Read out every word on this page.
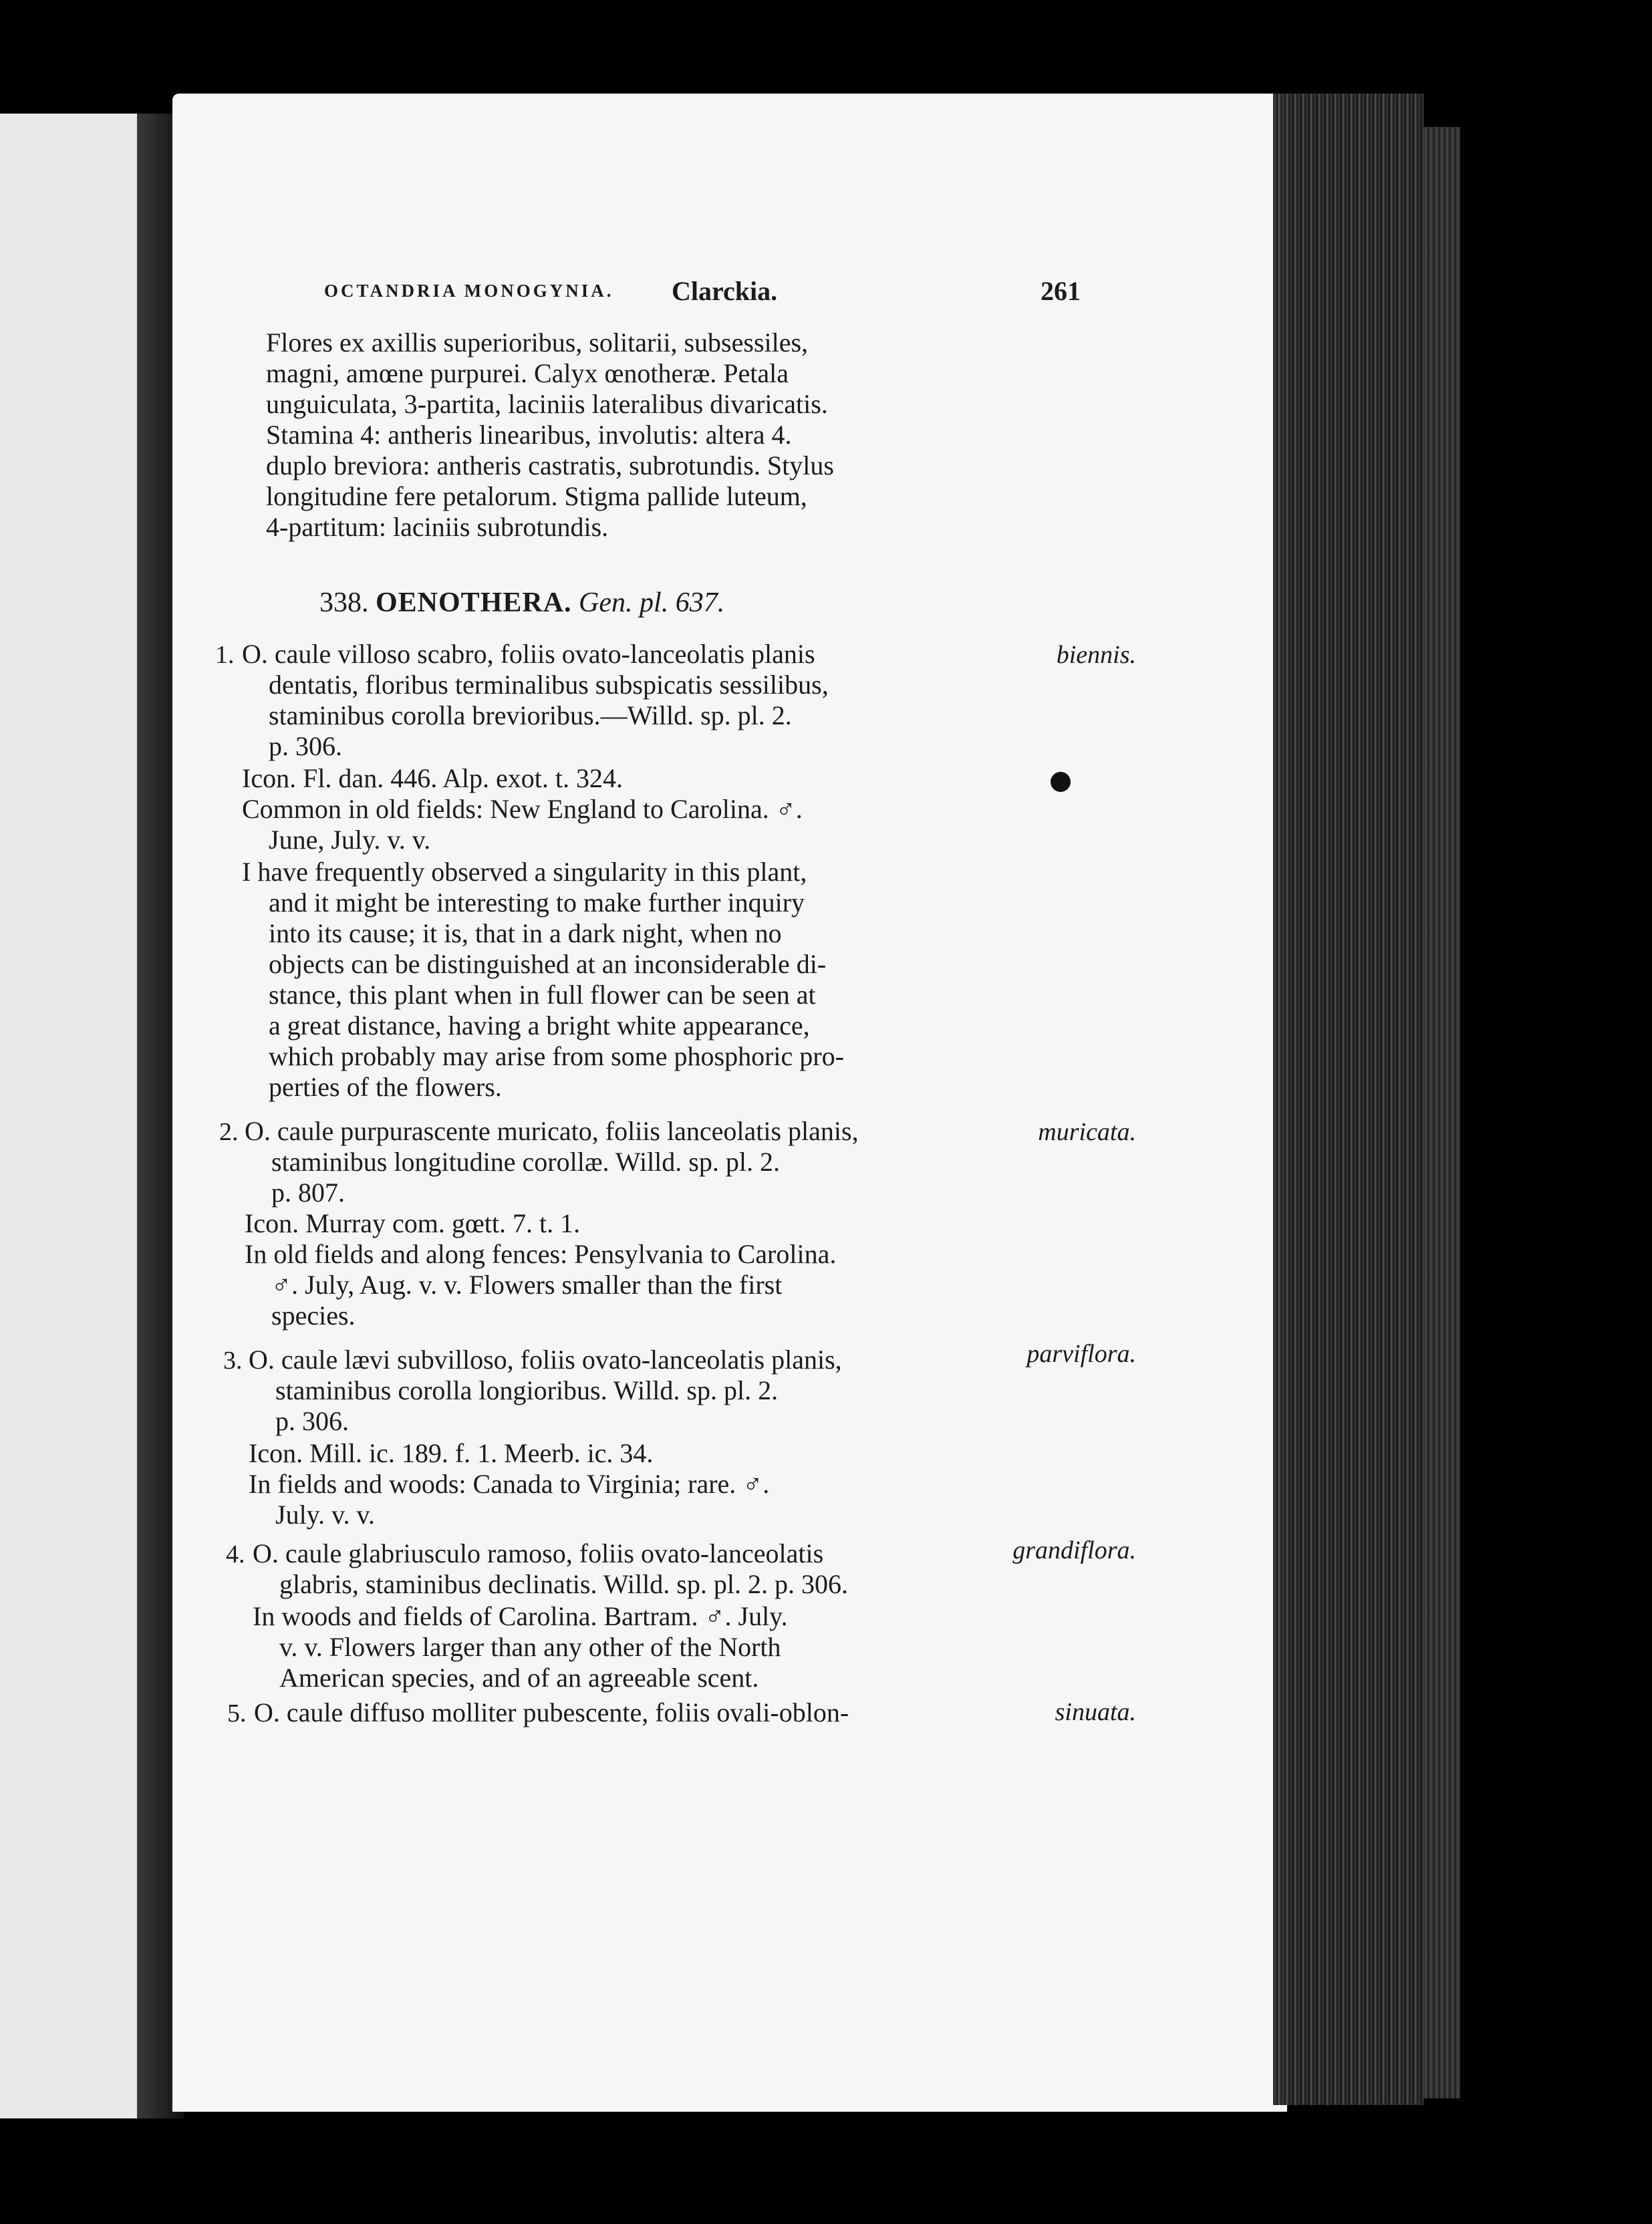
OCTANDRIA MONOGYNIA. Clarckia.	261
Flores ex axillis superioribus, solitarii, subsessiles,
magni, amœne purpurei. Calyx œnotheræ. Petala
unguiculata, 3-partita, laciniis lateralibus divaricatis.
Stamina 4: antheris linearibus, involutis: altera 4.
duplo breviora: antheris castratis, subrotundis. Stylus
longitudine fere petalorum. Stigma pallide luteum,
4-partitum: laciniis subrotundis.
338. OENOTHERA. Gen. pl. 637.
1. O. caule villoso scabro, foliis ovato-lanceolatis planis
dentatis, floribus terminalibus subspicatis sessilibus,
staminibus corolla brevioribus.—Willd. sp. pl. 2.
p. 306.
biennis.
Icon. Fl. dan. 446. Alp. exot. t. 324.
Common in old fields: New England to Carolina. ♂.
June, July. v. v.
I have frequently observed a singularity in this plant,
and it might be interesting to make further inquiry
into its cause; it is, that in a dark night, when no
objects can be distinguished at an inconsiderable di-
stance, this plant when in full flower can be seen at
a great distance, having a bright white appearance,
which probably may arise from some phosphoric pro-
perties of the flowers.
2. O. caule purpurascente muricato, foliis lanceolatis planis,
staminibus longitudine corollæ. Willd. sp. pl. 2.
p. 807.
muricata.
Icon. Murray com. gœtt. 7. t. 1.
In old fields and along fences: Pensylvania to Carolina.
♂. July, Aug. v. v. Flowers smaller than the first
species.
3. O. caule lævi subvilloso, foliis ovato-lanceolatis planis,
staminibus corolla longioribus. Willd. sp. pl. 2.
p. 306.
parviflora.
Icon. Mill. ic. 189. f. 1. Meerb. ic. 34.
In fields and woods: Canada to Virginia; rare. ♂.
July. v. v.
4. O. caule glabriusculo ramoso, foliis ovato-lanceolatis
glabris, staminibus declinatis. Willd. sp. pl. 2. p. 306.
grandiflora.
In woods and fields of Carolina. Bartram. ♂. July.
v. v. Flowers larger than any other of the North
American species, and of an agreeable scent.
5. O. caule diffuso molliter pubescente, foliis ovali-oblon-	sinuata.
